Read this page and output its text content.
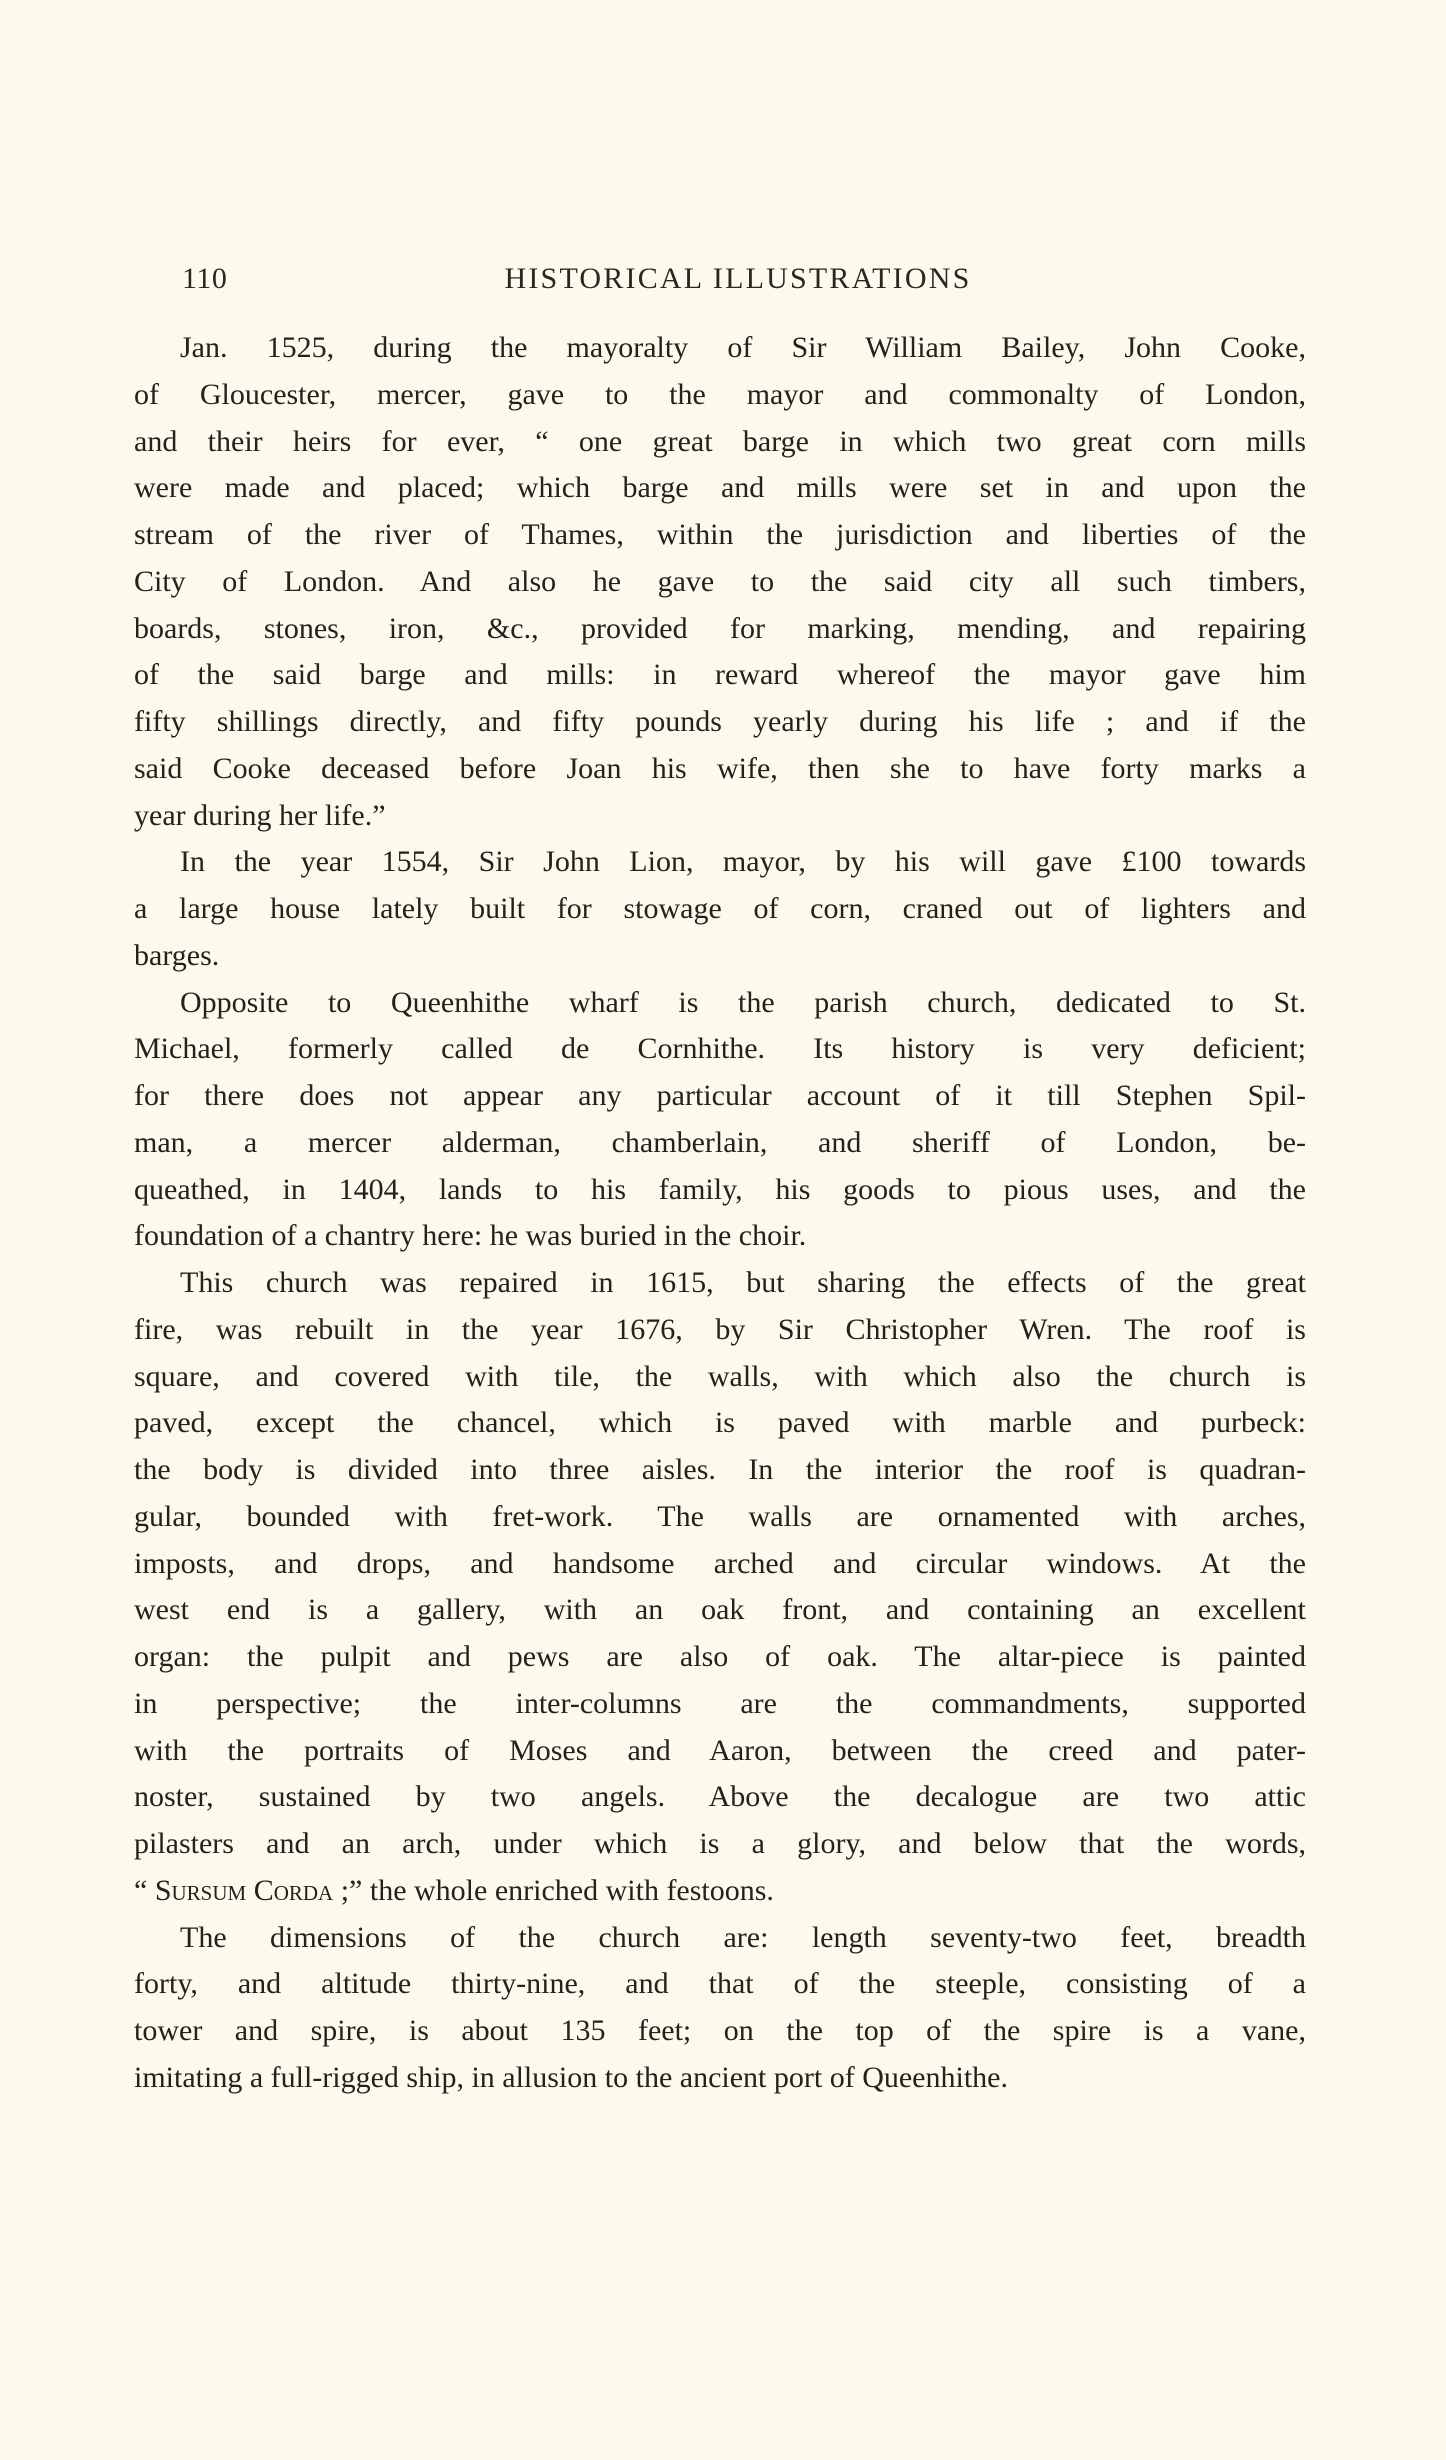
110	HISTORICAL ILLUSTRATIONS

Jan. 1525, during the mayoralty of Sir William Bailey, John Cooke,
of Gloucester, mercer, gave to the mayor and commonalty of London,
and their heirs for ever, “ one great barge in which two great corn mills
were made and placed; which barge and mills were set in and upon the
stream of the river of Thames, within the jurisdiction and liberties of the
City of London. And also he gave to the said city all such timbers,
boards, stones, iron, &c., provided for marking, mending, and repairing
of the said barge and mills: in reward whereof the mayor gave him
fifty shillings directly, and fifty pounds yearly during his life ; and if the
said Cooke deceased before Joan his wife, then she to have forty marks a
year during her life.”

In the year 1554, Sir John Lion, mayor, by his will gave £100 towards
a large house lately built for stowage of corn, craned out of lighters and
barges.

Opposite to Queenhithe wharf is the parish church, dedicated to St.
Michael, formerly called de Cornhithe. Its history is very deficient;
for there does not appear any particular account of it till Stephen Spil-
man, a mercer alderman, chamberlain, and sheriff of London, be-
queathed, in 1404, lands to his family, his goods to pious uses, and the
foundation of a chantry here: he was buried in the choir.

This church was repaired in 1615, but sharing the effects of the great
fire, was rebuilt in the year 1676, by Sir Christopher Wren. The roof is
square, and covered with tile, the walls, with which also the church is
paved, except the chancel, which is paved with marble and purbeck:
the body is divided into three aisles. In the interior the roof is quadran-
gular, bounded with fret-work. The walls are ornamented with arches,
imposts, and drops, and handsome arched and circular windows. At the
west end is a gallery, with an oak front, and containing an excellent
organ: the pulpit and pews are also of oak. The altar-piece is painted
in perspective; the inter-columns are the commandments, supported
with the portraits of Moses and Aaron, between the creed and pater-
noster, sustained by two angels. Above the decalogue are two attic
pilasters and an arch, under which is a glory, and below that the words,
“ Sursum Corda ;” the whole enriched with festoons.

The dimensions of the church are: length seventy-two feet, breadth
forty, and altitude thirty-nine, and that of the steeple, consisting of a
tower and spire, is about 135 feet; on the top of the spire is a vane,
imitating a full-rigged ship, in allusion to the ancient port of Queenhithe.
